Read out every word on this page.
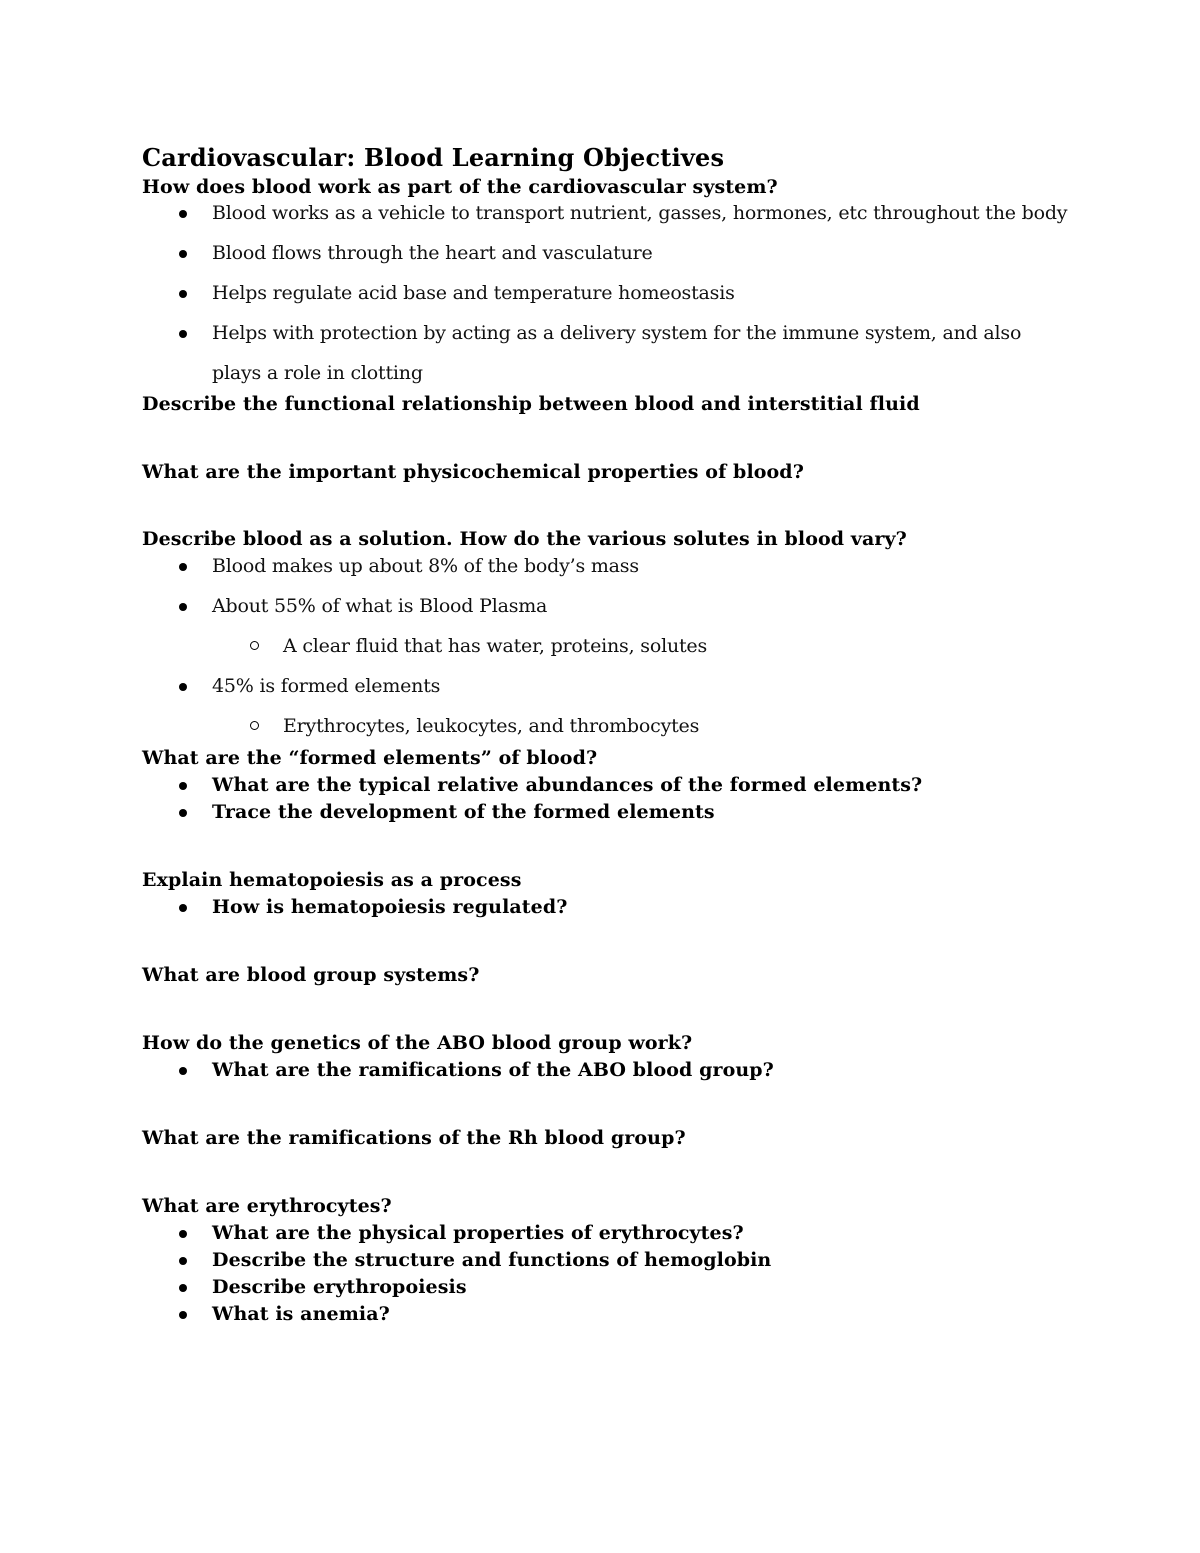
Cardiovascular: Blood Learning Objectives

How does blood work as part of the cardiovascular system?

Blood works as a vehicle to transport nutrient, gasses, hormones, etc throughout the body
Blood flows through the heart and vasculature
Helps regulate acid base and temperature homeostasis
Helps with protection by acting as a delivery system for the immune system, and also plays a role in clotting

Describe the functional relationship between blood and interstitial fluid

What are the important physicochemical properties of blood?

Describe blood as a solution. How do the various solutes in blood vary?

Blood makes up about 8% of the body’s mass
About 55% of what is Blood Plasma
A clear fluid that has water, proteins, solutes
45% is formed elements
Erythrocytes, leukocytes, and thrombocytes

What are the “formed elements” of blood?

What are the typical relative abundances of the formed elements?
Trace the development of the formed elements

Explain hematopoiesis as a process

How is hematopoiesis regulated?

What are blood group systems?

How do the genetics of the ABO blood group work?

What are the ramifications of the ABO blood group?

What are the ramifications of the Rh blood group?

What are erythrocytes?

What are the physical properties of erythrocytes?
Describe the structure and functions of hemoglobin
Describe erythropoiesis
What is anemia?
